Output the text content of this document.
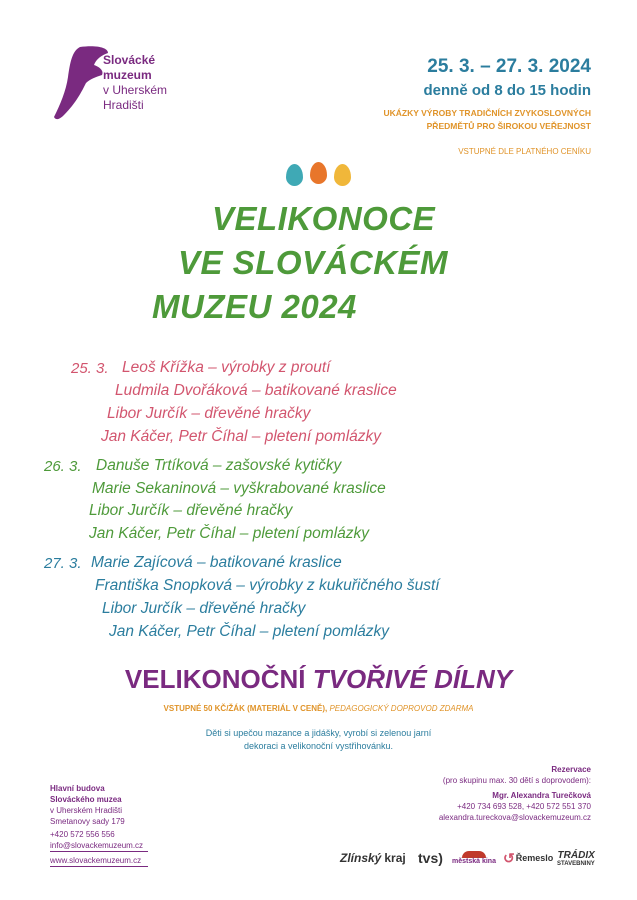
Slovácké
muzeum
v Uherském
Hradišti
25. 3. – 27. 3. 2024
denně od 8 do 15 hodin
UKÁZKY VÝROBY TRADIČNÍCH ZVYKOSLOVNÝCH
PŘEDMĚTŮ PRO ŠIROKOU VEŘEJNOST
VSTUPNÉ DLE PLATNÉHO CENÍKU
VELIKONOCE
VE SLOVÁCKÉM
MUZEU 2024
25. 3. Leoš Křížka – výrobky z proutí
Ludmila Dvořáková – batikované kraslice
Libor Jurčík – dřevěné hračky
Jan Káčer, Petr Číhal – pletení pomlázky
26. 3. Danuše Trtíková – zašovské kytičky
Marie Sekaninová – vyškrabované kraslice
Libor Jurčík – dřevěné hračky
Jan Káčer, Petr Číhal – pletení pomlázky
27. 3. Marie Zajícová – batikované kraslice
Františka Snopková – výrobky z kukuřičného šustí
Libor Jurčík – dřevěné hračky
Jan Káčer, Petr Číhal – pletení pomlázky
VELIKONOČNÍ TVOŘIVÉ DÍLNY
VSTUPNÉ 50 KČ/ŽÁK (MATERIÁL V CENĚ), PEDAGOGICKÝ DOPROVOD ZDARMA
Děti si upečou mazance a jidášky, vyrobí si zelenou jarní
dekoraci a velikonoční vystřihovánku.
Hlavní budova
Slováckého muzea
v Uherském Hradišti
Smetanovy sady 179
+420 572 556 556
info@slovackemuzeum.cz
www.slovackemuzeum.cz
Rezervace
(pro skupinu max. 30 dětí s doprovodem):
Mgr. Alexandra Turečková
+420 734 693 528, +420 572 551 370
alexandra.tureckova@slovackemuzeum.cz
Zlínský kraj tvs) městská kina ↺ Řemeslo TRÁDIX
STAVEBNINY
